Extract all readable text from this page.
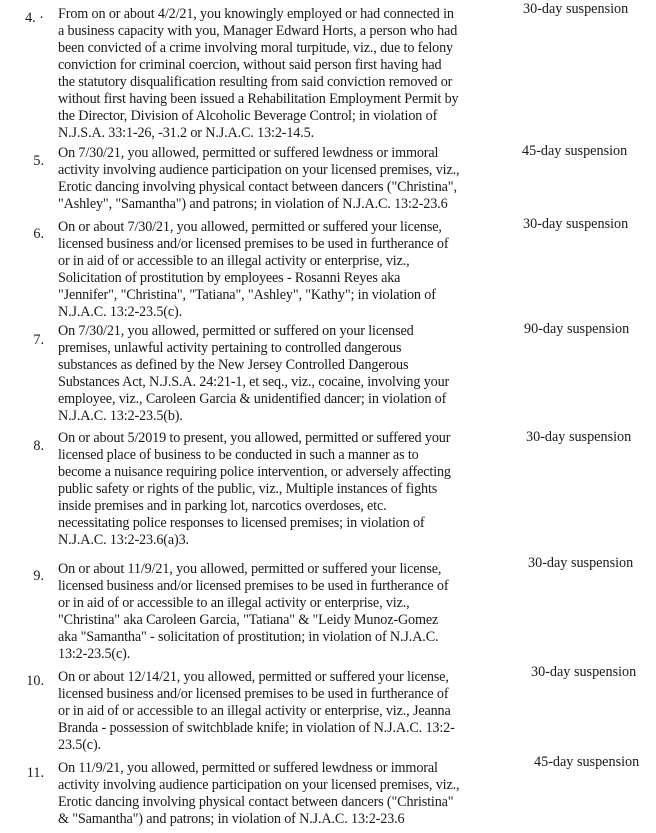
4. · From on or about 4/2/21, you knowingly employed or had connected in
a business capacity with you, Manager Edward Horts, a person who had
been convicted of a crime involving moral turpitude, viz., due to felony
conviction for criminal coercion, without said person first having had
the statutory disqualification resulting from said conviction removed or
without first having been issued a Rehabilitation Employment Permit by
the Director, Division of Alcoholic Beverage Control; in violation of
N.J.S.A. 33:1-26, -31.2 or N.J.A.C. 13:2-14.5.
30-day suspension
5. On 7/30/21, you allowed, permitted or suffered lewdness or immoral
activity involving audience participation on your licensed premises, viz.,
Erotic dancing involving physical contact between dancers ("Christina",
"Ashley", "Samantha") and patrons; in violation of N.J.A.C. 13:2-23.6
45-day suspension
6. On or about 7/30/21, you allowed, permitted or suffered your license,
licensed business and/or licensed premises to be used in furtherance of
or in aid of or accessible to an illegal activity or enterprise, viz.,
Solicitation of prostitution by employees - Rosanni Reyes aka
"Jennifer", "Christina", "Tatiana", "Ashley", "Kathy"; in violation of
N.J.A.C. 13:2-23.5(c).
30-day suspension
7.
On 7/30/21, you allowed, permitted or suffered on your licensed
premises, unlawful activity pertaining to controlled dangerous
substances as defined by the New Jersey Controlled Dangerous
Substances Act, N.J.S.A. 24:21-1, et seq., viz., cocaine, involving your
employee, viz., Caroleen Garcia & unidentified dancer; in violation of
N.J.A.C. 13:2-23.5(b).
90-day suspension
8. On or about 5/2019 to present, you allowed, permitted or suffered your
licensed place of business to be conducted in such a manner as to
become a nuisance requiring police intervention, or adversely affecting
public safety or rights of the public, viz., Multiple instances of fights
inside premises and in parking lot, narcotics overdoses, etc.
necessitating police responses to licensed premises; in violation of
N.J.A.C. 13:2-23.6(a)3.
30-day suspension
9. On or about 11/9/21, you allowed, permitted or suffered your license,
licensed business and/or licensed premises to be used in furtherance of
or in aid of or accessible to an illegal activity or enterprise, viz.,
"Christina" aka Caroleen Garcia, "Tatiana" & "Leidy Munoz-Gomez
aka "Samantha" - solicitation of prostitution; in violation of N.J.A.C.
13:2-23.5(c).
30-day suspension
10. On or about 12/14/21, you allowed, permitted or suffered your license,
licensed business and/or licensed premises to be used in furtherance of
or in aid of or accessible to an illegal activity or enterprise, viz., Jeanna
Branda - possession of switchblade knife; in violation of N.J.A.C. 13:2-
23.5(c).
30-day suspension
11. On 11/9/21, you allowed, permitted or suffered lewdness or immoral
activity involving audience participation on your licensed premises, viz.,
Erotic dancing involving physical contact between dancers ("Christina"
& "Samantha") and patrons; in violation of N.J.A.C. 13:2-23.6
45-day suspension
